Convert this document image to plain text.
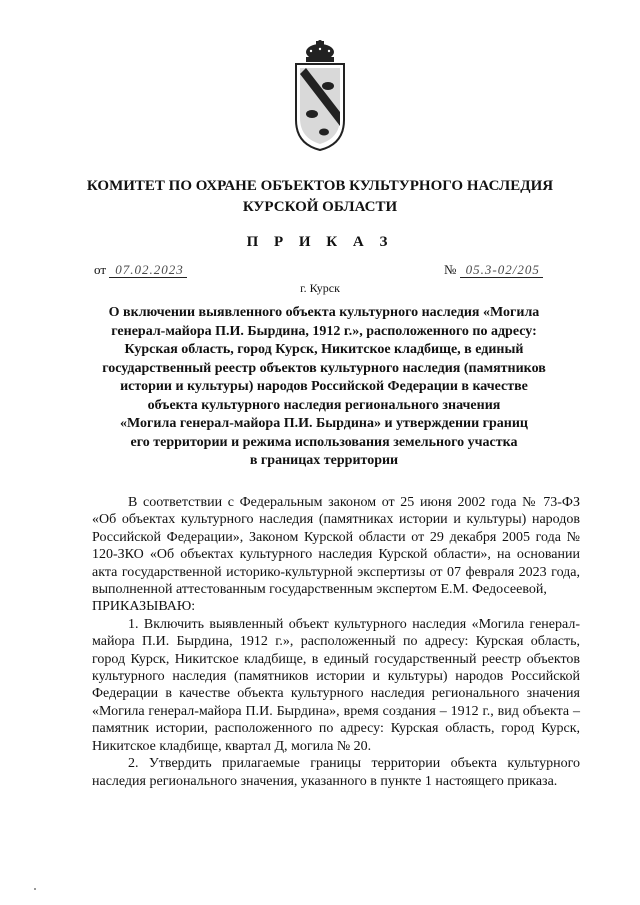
КОМИТЕТ ПО ОХРАНЕ ОБЪЕКТОВ КУЛЬТУРНОГО НАСЛЕДИЯ
КУРСКОЙ ОБЛАСТИ
П Р И К А З
от 07.02.2023	№ 05.3-02/205
г. Курск
О включении выявленного объекта культурного наследия «Могила
генерал-майора П.И. Бырдина, 1912 г.», расположенного по адресу:
Курская область, город Курск, Никитское кладбище, в единый
государственный реестр объектов культурного наследия (памятников
истории и культуры) народов Российской Федерации в качестве
объекта культурного наследия регионального значения
«Могила генерал-майора П.И. Бырдина» и утверждении границ
его территории и режима использования земельного участка
в границах территории

В соответствии с Федеральным законом от 25 июня 2002 года № 73-ФЗ «Об объектах культурного наследия (памятниках истории и культуры) народов Российской Федерации», Законом Курской области от 29 декабря 2005 года № 120-ЗКО «Об объектах культурного наследия Курской области», на основании акта государственной историко-культурной экспертизы от 07 февраля 2023 года, выполненной аттестованным государственным экспертом Е.М. Федосеевой,

ПРИКАЗЫВАЮ:

1. Включить выявленный объект культурного наследия «Могила генерал-майора П.И. Бырдина, 1912 г.», расположенный по адресу: Курская область, город Курск, Никитское кладбище, в единый государственный реестр объектов культурного наследия (памятников истории и культуры) народов Российской Федерации в качестве объекта культурного наследия регионального значения «Могила генерал-майора П.И. Бырдина», время создания – 1912 г., вид объекта – памятник истории, расположенного по адресу: Курская область, город Курск, Никитское кладбище, квартал Д, могила № 20.

2. Утвердить прилагаемые границы территории объекта культурного наследия регионального значения, указанного в пункте 1 настоящего приказа.
